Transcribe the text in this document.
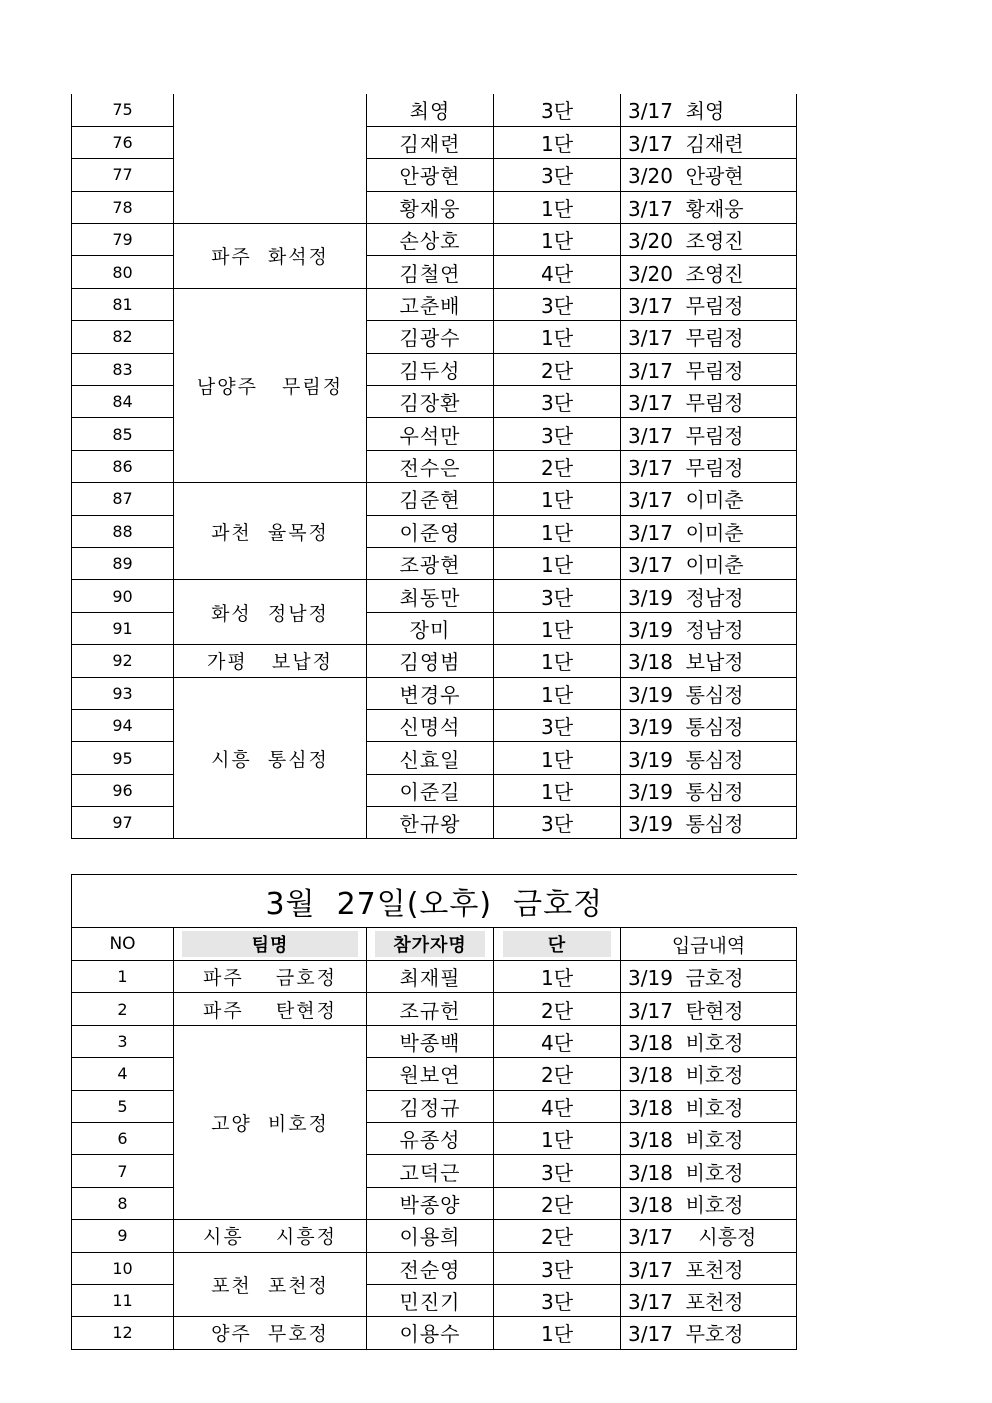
75		최영	3단	3/17  최영
76		김재련	1단	3/17  김재련
77		안광현	3단	3/20  안광현
78		황재웅	1단	3/17  황재웅
79	파주  화석정	손상호	1단	3/20  조영진
80		김철연	4단	3/20  조영진
81	남양주   무림정	고춘배	3단	3/17  무림정
82		김광수	1단	3/17  무림정
83		김두성	2단	3/17  무림정
84		김장환	3단	3/17  무림정
85		우석만	3단	3/17  무림정
86		전수은	2단	3/17  무림정
87	과천  율목정	김준현	1단	3/17  이미춘
88		이준영	1단	3/17  이미춘
89		조광현	1단	3/17  이미춘
90	화성  정남정	최동만	3단	3/19  정남정
91		장미	1단	3/19  정남정
92	가평   보납정	김영범	1단	3/18  보납정
93	시흥  통심정	변경우	1단	3/19  통심정
94		신명석	3단	3/19  통심정
95		신효일	1단	3/19  통심정
96		이준길	1단	3/19  통심정
97		한규왕	3단	3/19  통심정
3월  27일(오후)  금호정				
NO	팀명	참가자명	단	입금내역
1	파주    금호정	최재필	1단	3/19  금호정
2	파주    탄현정	조규헌	2단	3/17  탄현정
3	고양  비호정	박종백	4단	3/18  비호정
4		원보연	2단	3/18  비호정
5		김정규	4단	3/18  비호정
6		유종성	1단	3/18  비호정
7		고덕근	3단	3/18  비호정
8		박종양	2단	3/18  비호정
9	시흥    시흥정	이용희	2단	3/17    시흥정
10	포천  포천정	전순영	3단	3/17  포천정
11		민진기	3단	3/17  포천정
12	양주  무호정	이용수	1단	3/17  무호정
